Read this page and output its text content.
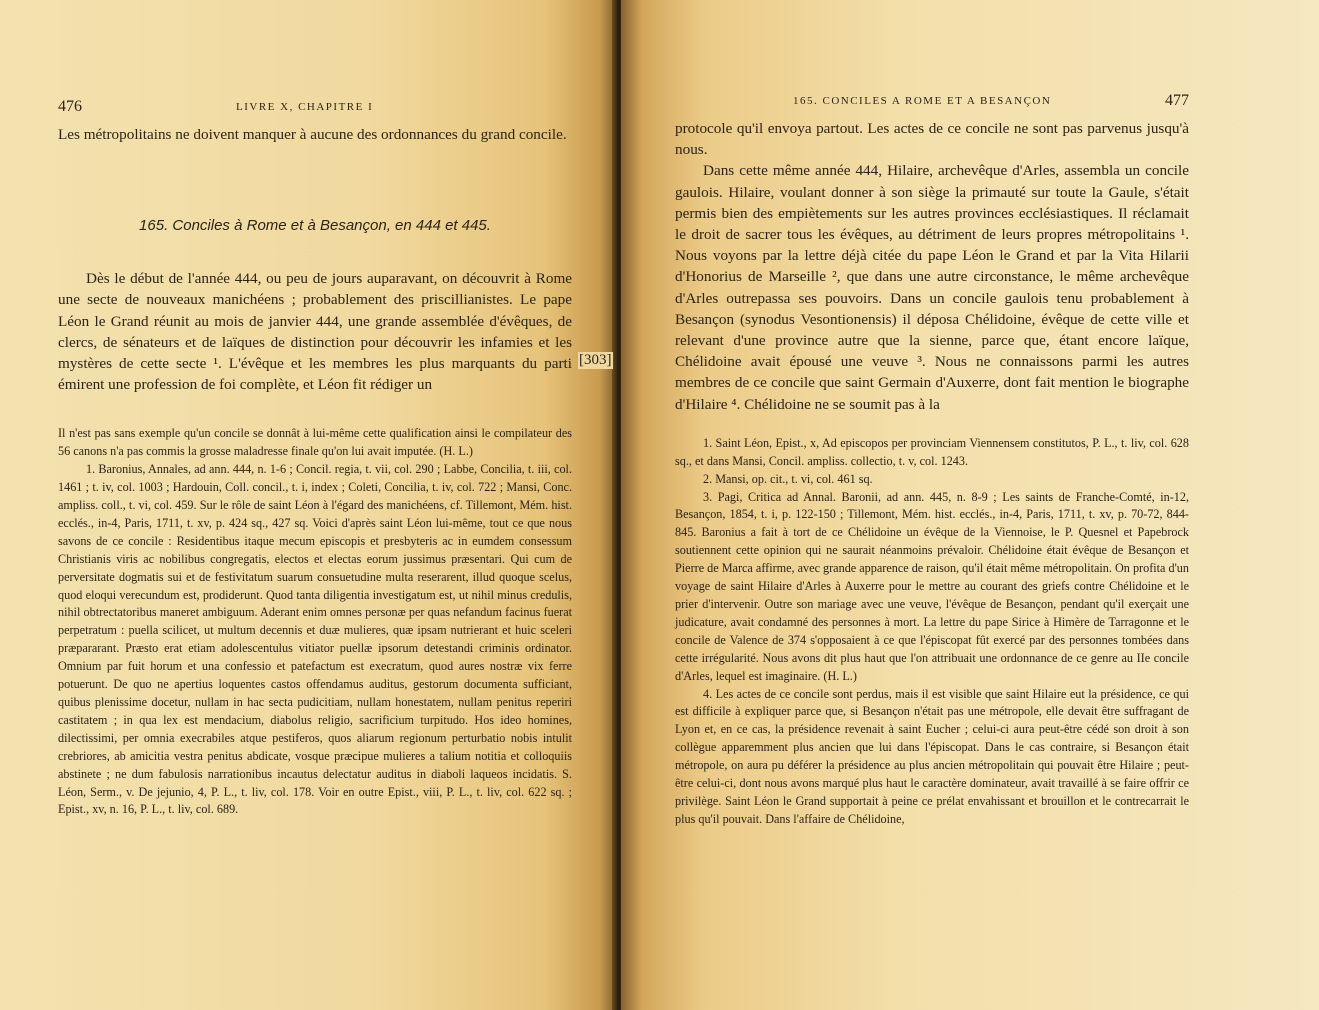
476	LIVRE X, CHAPITRE I

Les métropolitains ne doivent manquer à aucune des ordonnances du grand concile.

165. Conciles à Rome et à Besançon, en 444 et 445.

Dès le début de l'année 444, ou peu de jours auparavant, on découvrit à Rome une secte de nouveaux manichéens ; probablement des priscillianistes. Le pape Léon le Grand réunit au mois de janvier 444, une grande assemblée d'évêques, de clercs, de sénateurs et de laïques de distinction pour découvrir les infamies et les mystères de cette secte ¹. L'évêque et les membres les plus marquants du parti émirent une profession de foi complète, et Léon fit rédiger un

Il n'est pas sans exemple qu'un concile se donnât à lui-même cette qualification ainsi le compilateur des 56 canons n'a pas commis la grosse maladresse finale qu'on lui avait imputée. (H. L.)

1. Baronius, Annales, ad ann. 444, n. 1-6 ; Concil. regia, t. vii, col. 290 ; Labbe, Concilia, t. iii, col. 1461 ; t. iv, col. 1003 ; Hardouin, Coll. concil., t. i, index ; Coleti, Concilia, t. iv, col. 722 ; Mansi, Conc. ampliss. coll., t. vi, col. 459. Sur le rôle de saint Léon à l'égard des manichéens, cf. Tillemont, Mém. hist. ecclés., in-4, Paris, 1711, t. xv, p. 424 sq., 427 sq. Voici d'après saint Léon lui-même, tout ce que nous savons de ce concile : Residentibus itaque mecum episcopis et presbyteris ac in eumdem consessum Christianis viris ac nobilibus congregatis, electos et electas eorum jussimus præsentari. Qui cum de perversitate dogmatis sui et de festivitatum suarum consuetudine multa reserarent, illud quoque scelus, quod eloqui verecundum est, prodiderunt. Quod tanta diligentia investigatum est, ut nihil minus credulis, nihil obtrectatoribus maneret ambiguum. Aderant enim omnes personæ per quas nefandum facinus fuerat perpetratum : puella scilicet, ut multum decennis et duæ mulieres, quæ ipsam nutrierant et huic sceleri præpararant. Præsto erat etiam adolescentulus vitiator puellæ ipsorum detestandi criminis ordinator. Omnium par fuit horum et una confessio et patefactum est execratum, quod aures nostræ vix ferre potuerunt. De quo ne apertius loquentes castos offendamus auditus, gestorum documenta sufficiant, quibus plenissime docetur, nullam in hac secta pudicitiam, nullam honestatem, nullam penitus reperiri castitatem ; in qua lex est mendacium, diabolus religio, sacrificium turpitudo. Hos ideo homines, dilectissimi, per omnia execrabiles atque pestiferos, quos aliarum regionum perturbatio nobis intulit crebriores, ab amicitia vestra penitus abdicate, vosque præcipue mulieres a talium notitia et colloquiis abstinete ; ne dum fabulosis narrationibus incautus delectatur auditus in diaboli laqueos incidatis. S. Léon, Serm., v. De jejunio, 4, P. L., t. liv, col. 178. Voir en outre Epist., viii, P. L., t. liv, col. 622 sq. ; Epist., xv, n. 16, P. L., t. liv, col. 689.

[303]
165. CONCILES A ROME ET A BESANÇON	477

protocole qu'il envoya partout. Les actes de ce concile ne sont pas parvenus jusqu'à nous.

Dans cette même année 444, Hilaire, archevêque d'Arles, assembla un concile gaulois. Hilaire, voulant donner à son siège la primauté sur toute la Gaule, s'était permis bien des empiètements sur les autres provinces ecclésiastiques. Il réclamait le droit de sacrer tous les évêques, au détriment de leurs propres métropolitains ¹. Nous voyons par la lettre déjà citée du pape Léon le Grand et par la Vita Hilarii d'Honorius de Marseille ², que dans une autre circonstance, le même archevêque d'Arles outrepassa ses pouvoirs. Dans un concile gaulois tenu probablement à Besançon (synodus Vesontionensis) il déposa Chélidoine, évêque de cette ville et relevant d'une province autre que la sienne, parce que, étant encore laïque, Chélidoine avait épousé une veuve ³. Nous ne connaissons parmi les autres membres de ce concile que saint Germain d'Auxerre, dont fait mention le biographe d'Hilaire ⁴. Chélidoine ne se soumit pas à la

1. Saint Léon, Epist., x, Ad episcopos per provinciam Viennensem constitutos, P. L., t. liv, col. 628 sq., et dans Mansi, Concil. ampliss. collectio, t. v, col. 1243.

2. Mansi, op. cit., t. vi, col. 461 sq.

3. Pagi, Critica ad Annal. Baronii, ad ann. 445, n. 8-9 ; Les saints de Franche-Comté, in-12, Besançon, 1854, t. i, p. 122-150 ; Tillemont, Mém. hist. ecclés., in-4, Paris, 1711, t. xv, p. 70-72, 844-845. Baronius a fait à tort de ce Chélidoine un évêque de la Viennoise, le P. Quesnel et Papebrock soutiennent cette opinion qui ne saurait néanmoins prévaloir. Chélidoine était évêque de Besançon et Pierre de Marca affirme, avec grande apparence de raison, qu'il était même métropolitain. On profita d'un voyage de saint Hilaire d'Arles à Auxerre pour le mettre au courant des griefs contre Chélidoine et le prier d'intervenir. Outre son mariage avec une veuve, l'évêque de Besançon, pendant qu'il exerçait une judicature, avait condamné des personnes à mort. La lettre du pape Sirice à Himère de Tarragonne et le concile de Valence de 374 s'opposaient à ce que l'épiscopat fût exercé par des personnes tombées dans cette irrégularité. Nous avons dit plus haut que l'on attribuait une ordonnance de ce genre au IIe concile d'Arles, lequel est imaginaire. (H. L.)

4. Les actes de ce concile sont perdus, mais il est visible que saint Hilaire eut la présidence, ce qui est difficile à expliquer parce que, si Besançon n'était pas une métropole, elle devait être suffragant de Lyon et, en ce cas, la présidence revenait à saint Eucher ; celui-ci aura peut-être cédé son droit à son collègue apparemment plus ancien que lui dans l'épiscopat. Dans le cas contraire, si Besançon était métropole, on aura pu déférer la présidence au plus ancien métropolitain qui pouvait être Hilaire ; peut-être celui-ci, dont nous avons marqué plus haut le caractère dominateur, avait travaillé à se faire offrir ce privilège. Saint Léon le Grand supportait à peine ce prélat envahissant et brouillon et le contrecarrait le plus qu'il pouvait. Dans l'affaire de Chélidoine,
